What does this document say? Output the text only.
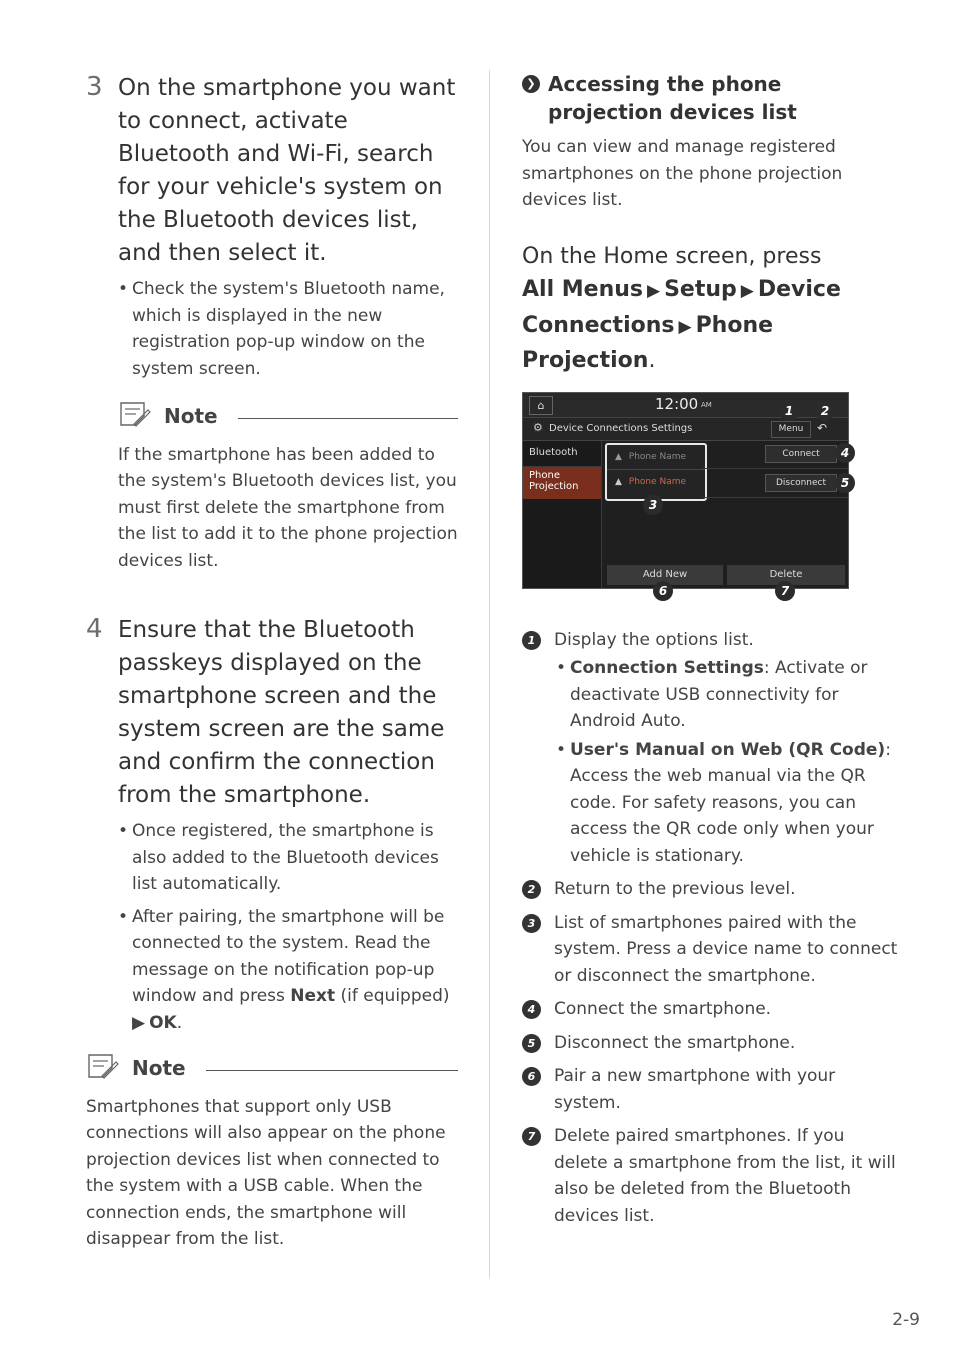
3 On the smartphone you want to connect, activate Bluetooth and Wi-Fi, search for your vehicle's system on the Bluetooth devices list, and then select it.
• Check the system's Bluetooth name, which is displayed in the new registration pop-up window on the system screen.
Note
If the smartphone has been added to the system's Bluetooth devices list, you must first delete the smartphone from the list to add it to the phone projection devices list.
4 Ensure that the Bluetooth passkeys displayed on the smartphone screen and the system screen are the same and confirm the connection from the smartphone.
• Once registered, the smartphone is also added to the Bluetooth devices list automatically.
• After pairing, the smartphone will be connected to the system. Read the message on the notification pop-up window and press Next (if equipped)
▶ OK.
Note
Smartphones that support only USB connections will also appear on the phone projection devices list when connected to the system with a USB cable. When the connection ends, the smartphone will disappear from the list.
❯ Accessing the phone projection devices list
You can view and manage registered smartphones on the phone projection devices list.
On the Home screen, press
All Menus ▶ Setup ▶ Device Connections ▶ Phone Projection.
⌂	12:00 AM
⚙ Device Connections Settings	Menu	↶
Bluetooth
Phone Projection
▲ Phone Name
▲ Phone Name
Connect
Disconnect
Add New	Delete
1	2
3
4
5
6	7
1	Display the options list.
• Connection Settings: Activate or deactivate USB connectivity for Android Auto.
• User's Manual on Web (QR Code): Access the web manual via the QR code. For safety reasons, you can access the QR code only when your vehicle is stationary.
2	Return to the previous level.
3	List of smartphones paired with the system. Press a device name to connect or disconnect the smartphone.
4	Connect the smartphone.
5	Disconnect the smartphone.
6	Pair a new smartphone with your system.
7	Delete paired smartphones. If you delete a smartphone from the list, it will also be deleted from the Bluetooth devices list.
2-9
